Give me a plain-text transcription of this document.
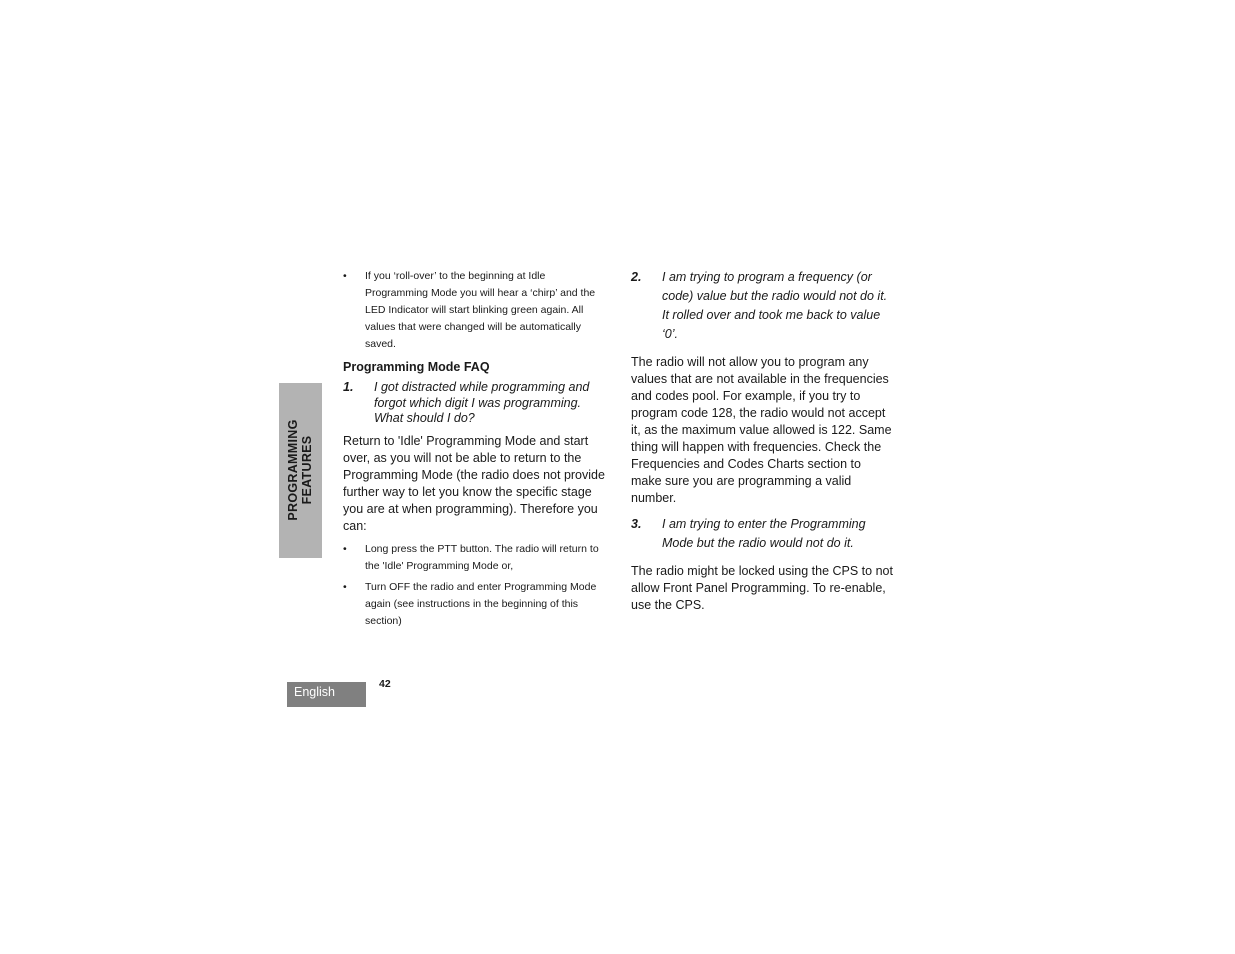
PROGRAMMING FEATURES
• If you ‘roll-over’ to the beginning at Idle Programming Mode you will hear a ‘chirp’ and the LED Indicator will start blinking green again. All values that were changed will be automatically saved.
Programming Mode FAQ
1. I got distracted while programming and forgot which digit I was programming. What should I do?
Return to 'Idle' Programming Mode and start over, as you will not be able to return to the Programming Mode (the radio does not provide further way to let you know the specific stage you are at when programming). Therefore you can:
• Long press the PTT button. The radio will return to the 'Idle' Programming Mode or,
• Turn OFF the radio and enter Programming Mode again (see instructions in the beginning of this section)
2. I am trying to program a frequency (or code) value but the radio would not do it. It rolled over and took me back to value ‘0’.
The radio will not allow you to program any values that are not available in the frequencies and codes pool. For example, if you try to program code 128, the radio would not accept it, as the maximum value allowed is 122. Same thing will happen with frequencies. Check the Frequencies and Codes Charts section to make sure you are programming a valid number.
3. I am trying to enter the Programming Mode but the radio would not do it.
The radio might be locked using the CPS to not allow Front Panel Programming. To re-enable, use the CPS.
English
42
